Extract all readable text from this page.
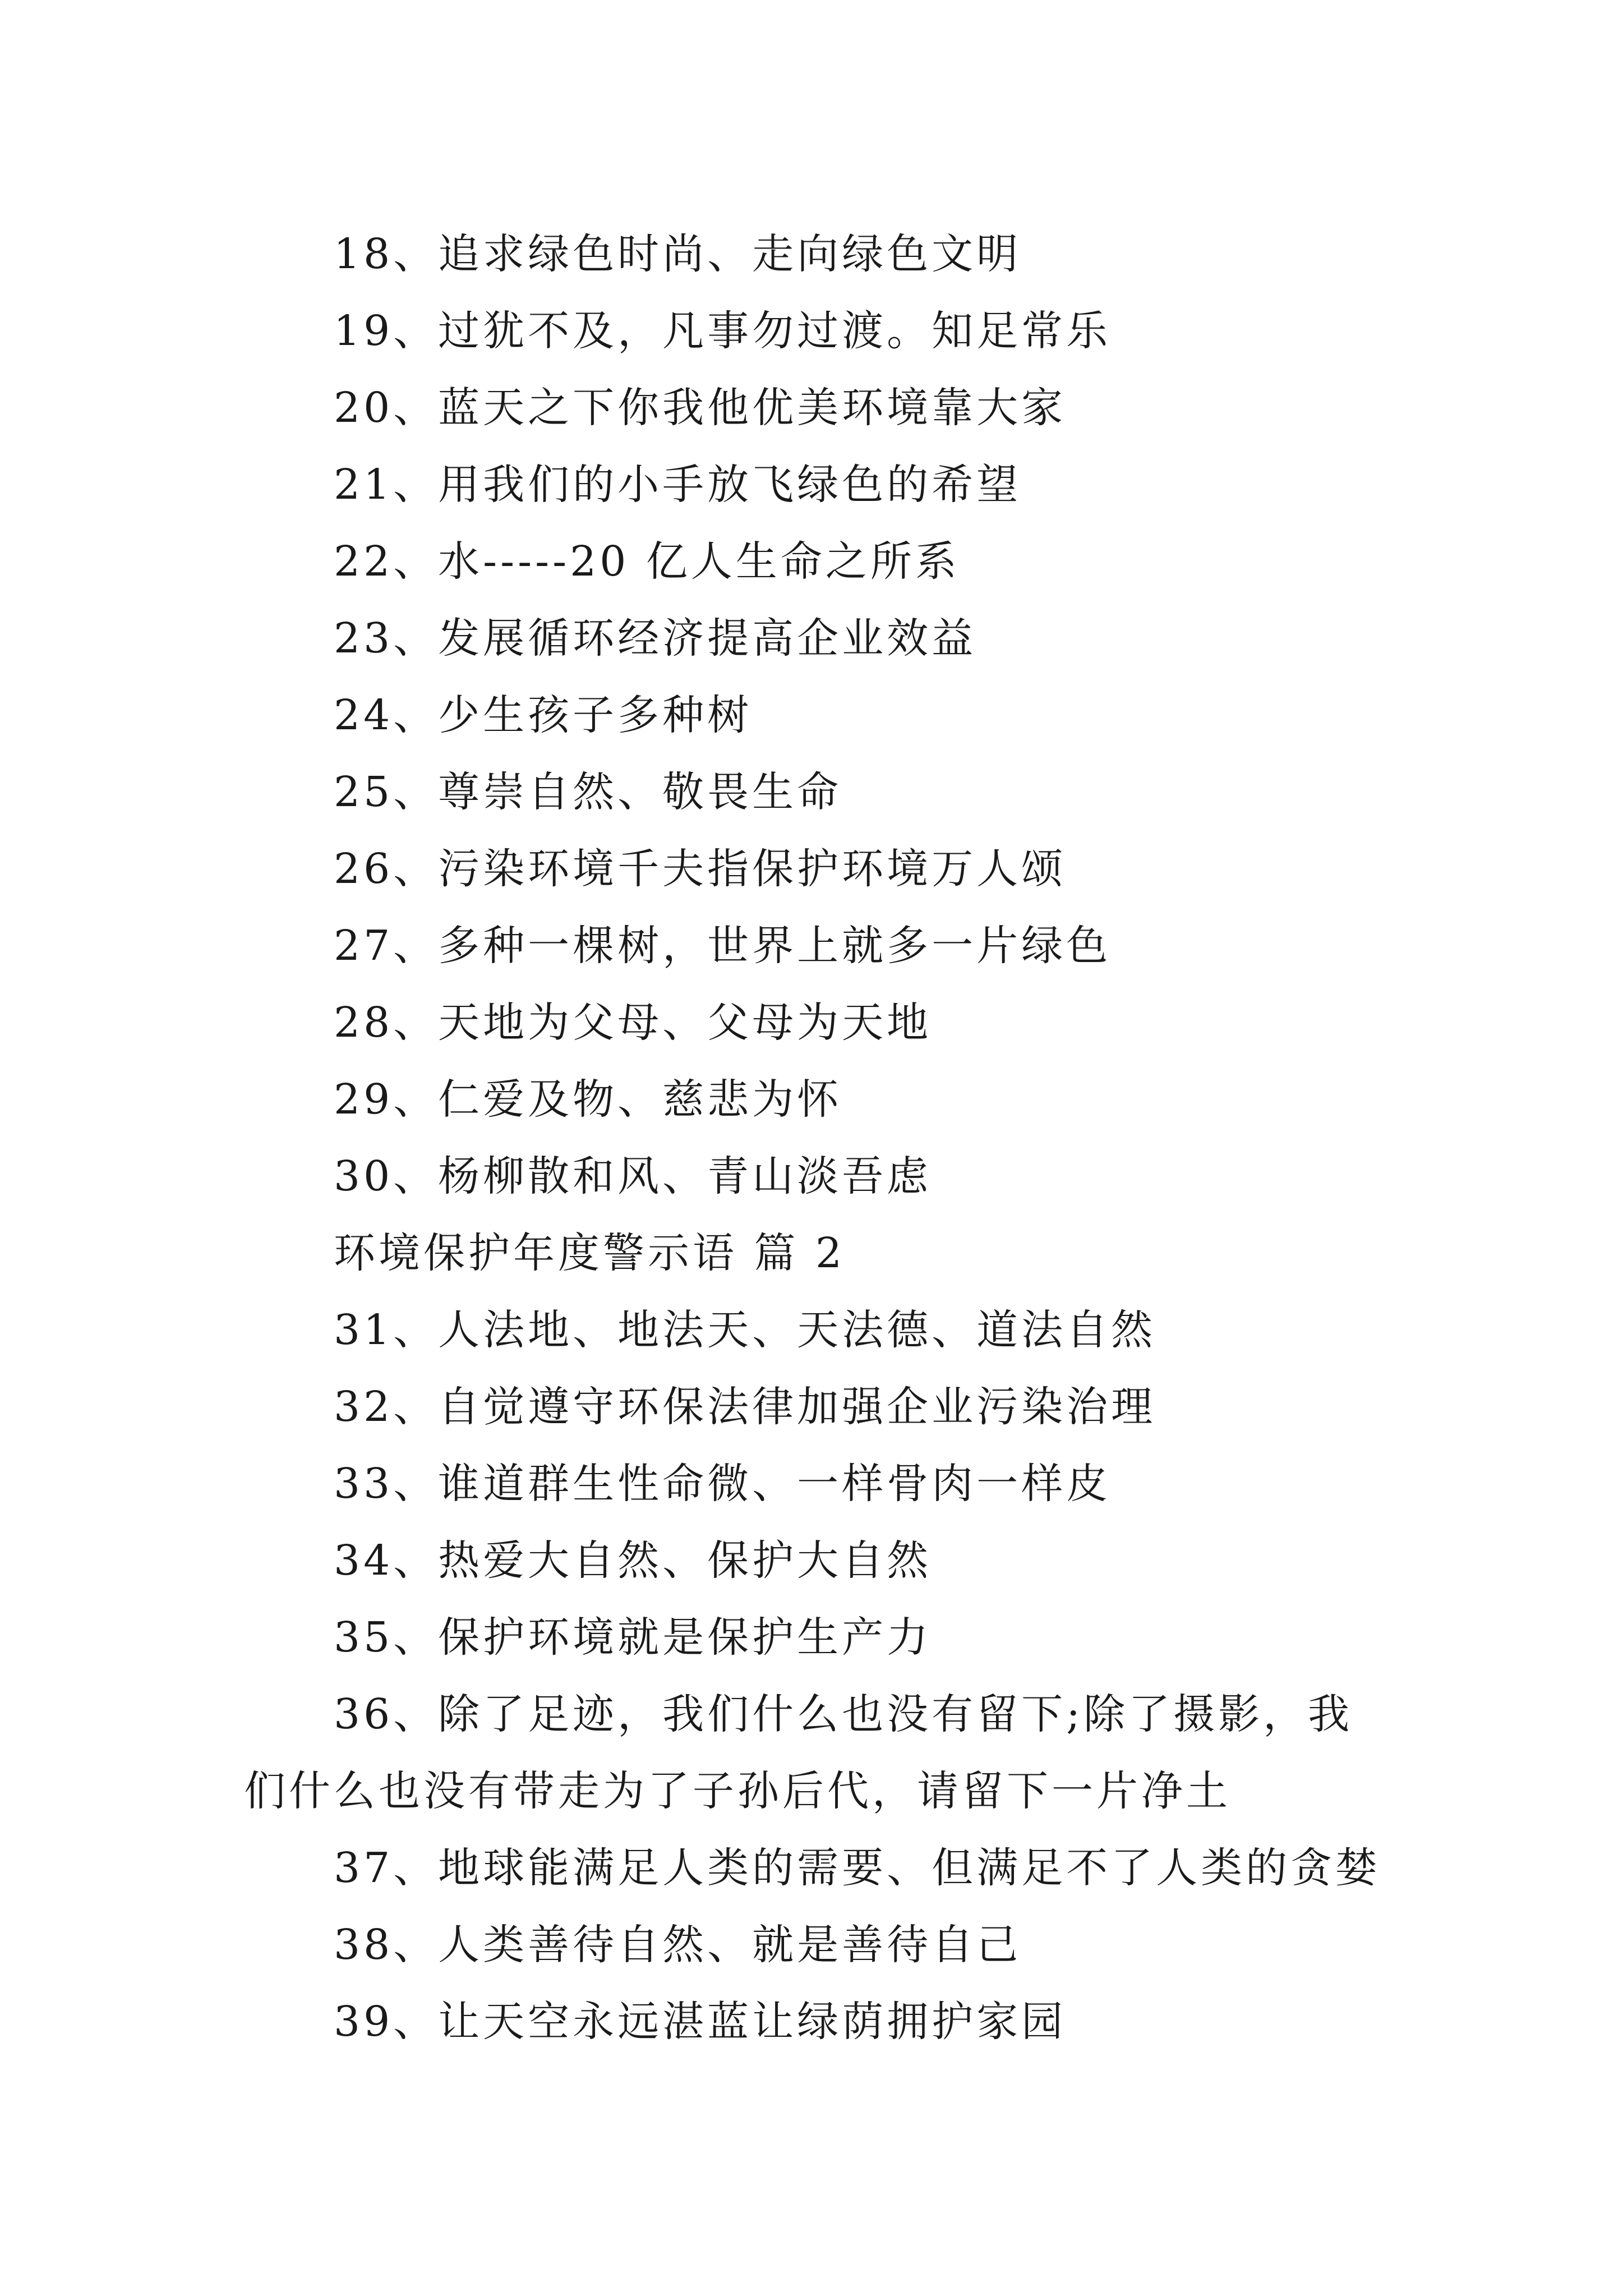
18、追求绿色时尚、走向绿色文明
19、过犹不及，凡事勿过渡。知足常乐
20、蓝天之下你我他优美环境靠大家
21、用我们的小手放飞绿色的希望
22、水-----20 亿人生命之所系
23、发展循环经济提高企业效益
24、少生孩子多种树
25、尊崇自然、敬畏生命
26、污染环境千夫指保护环境万人颂
27、多种一棵树，世界上就多一片绿色
28、天地为父母、父母为天地
29、仁爱及物、慈悲为怀
30、杨柳散和风、青山淡吾虑
环境保护年度警示语 篇 2
31、人法地、地法天、天法德、道法自然
32、自觉遵守环保法律加强企业污染治理
33、谁道群生性命微、一样骨肉一样皮
34、热爱大自然、保护大自然
35、保护环境就是保护生产力
36、除了足迹，我们什么也没有留下;除了摄影，我们什么也没有带走为了子孙后代，请留下一片净土
37、地球能满足人类的需要、但满足不了人类的贪婪
38、人类善待自然、就是善待自己
39、让天空永远湛蓝让绿荫拥护家园
